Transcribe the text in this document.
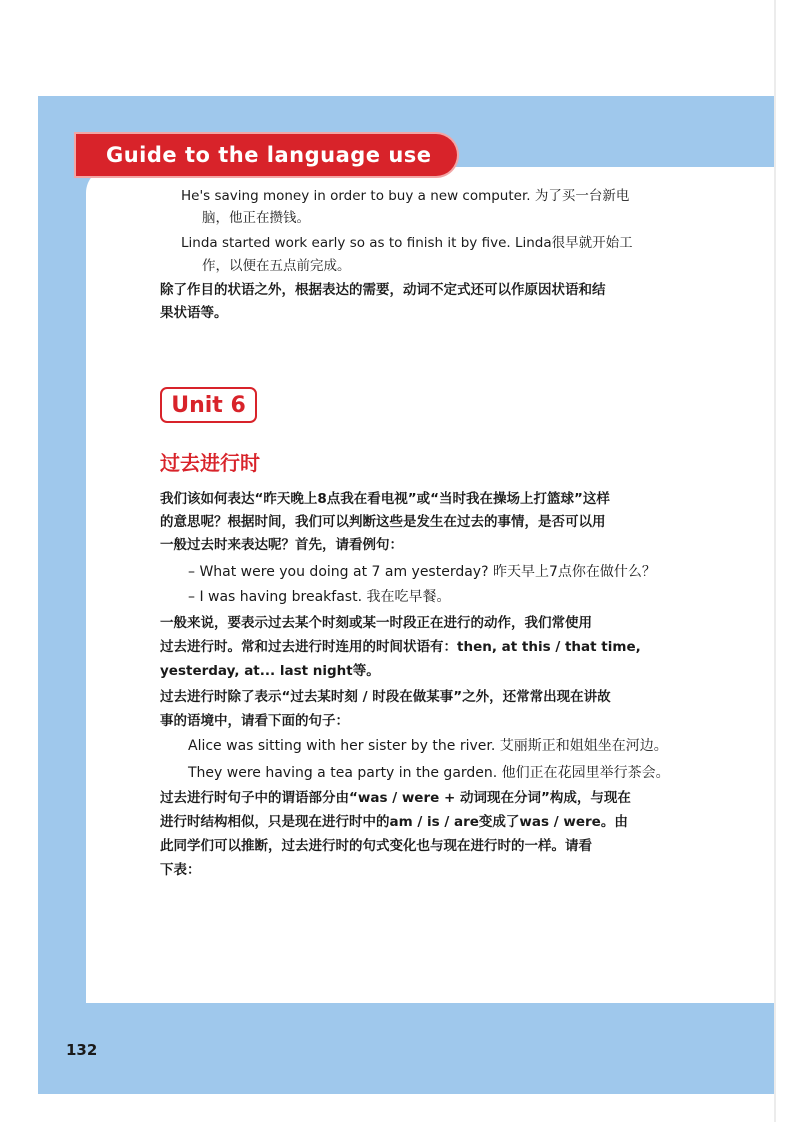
Guide to the language use
He's saving money in order to buy a new computer. 为了买一台新电
脑，他正在攒钱。
Linda started work early so as to finish it by five. Linda很早就开始工
作，以便在五点前完成。
除了作目的状语之外，根据表达的需要，动词不定式还可以作原因状语和结
果状语等。
Unit 6
过去进行时
我们该如何表达“昨天晚上8点我在看电视”或“当时我在操场上打篮球”这样
的意思呢？根据时间，我们可以判断这些是发生在过去的事情，是否可以用
一般过去时来表达呢？首先，请看例句：
– What were you doing at 7 am yesterday? 昨天早上7点你在做什么？
– I was having breakfast. 我在吃早餐。
一般来说，要表示过去某个时刻或某一时段正在进行的动作，我们常使用
过去进行时。常和过去进行时连用的时间状语有：then, at this / that time,
yesterday, at... last night等。
过去进行时除了表示“过去某时刻 / 时段在做某事”之外，还常常出现在讲故
事的语境中，请看下面的句子：
Alice was sitting with her sister by the river. 艾丽斯正和姐姐坐在河边。
They were having a tea party in the garden. 他们正在花园里举行茶会。
过去进行时句子中的谓语部分由“was / were + 动词现在分词”构成，与现在
进行时结构相似，只是现在进行时中的am / is / are变成了was / were。由
此同学们可以推断，过去进行时的句式变化也与现在进行时的一样。请看
下表：
132
